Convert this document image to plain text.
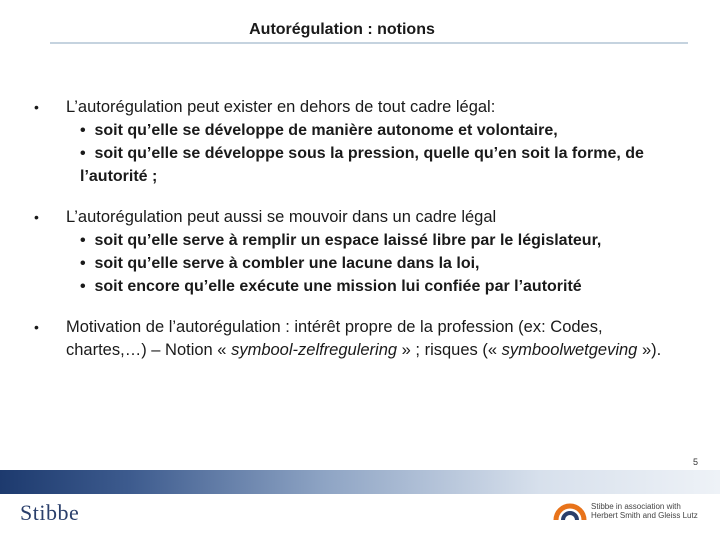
Autorégulation : notions
• L’autorégulation peut exister en dehors de tout cadre légal:
• soit qu’elle se développe de manière autonome et volontaire,
• soit qu’elle se développe sous la pression, quelle qu’en soit la forme, de l’autorité ;
• L’autorégulation peut aussi se mouvoir dans un cadre légal
• soit qu’elle serve à remplir un espace laissé libre par le législateur,
• soit qu’elle serve à combler une lacune dans la loi,
• soit encore qu’elle exécute une mission lui confiée par l’autorité
• Motivation de l’autorégulation : intérêt propre de la profession (ex: Codes, chartes,…) – Notion « symbool-zelfregulering » ; risques (« symboolwetgeving »).
5
Stibbe	Stibbe in association with
Herbert Smith and Gleiss Lutz
